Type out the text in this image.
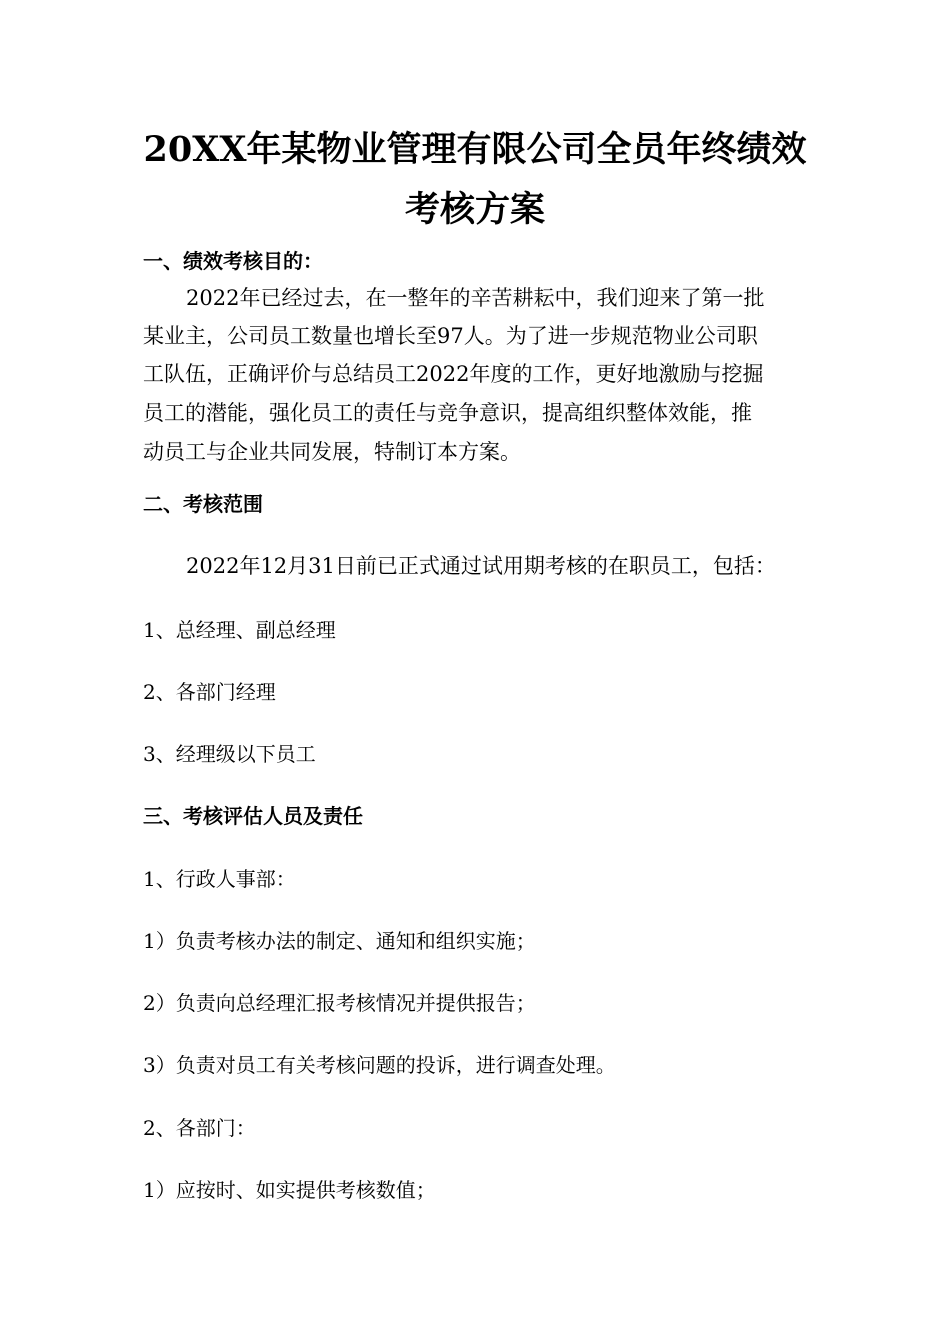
20XX年某物业管理有限公司全员年终绩效
考核方案
一、绩效考核目的：
2022年已经过去，在一整年的辛苦耕耘中，我们迎来了第一批
某业主，公司员工数量也增长至97人。为了进一步规范物业公司职
工队伍，正确评价与总结员工2022年度的工作，更好地激励与挖掘
员工的潜能，强化员工的责任与竞争意识，提高组织整体效能，推
动员工与企业共同发展，特制订本方案。
二、考核范围
2022年12月31日前已正式通过试用期考核的在职员工，包括：
1、总经理、副总经理
2、各部门经理
3、经理级以下员工
三、考核评估人员及责任
1、行政人事部：
1）负责考核办法的制定、通知和组织实施；
2）负责向总经理汇报考核情况并提供报告；
3）负责对员工有关考核问题的投诉，进行调查处理。
2、各部门：
1）应按时、如实提供考核数值；
